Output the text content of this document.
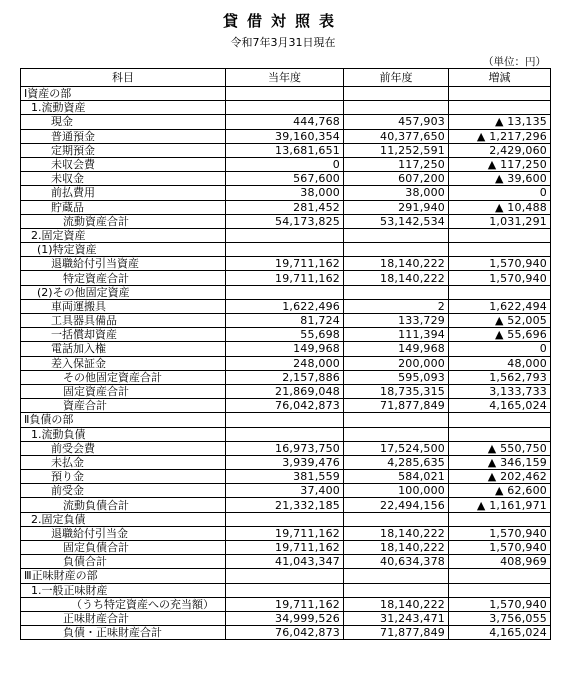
貸借対照表
令和7年3月31日現在
（単位：円）
科目	当年度	前年度	増減
Ⅰ資産の部			
1.流動資産			
現金	444,768	457,903	▲ 13,135
普通預金	39,160,354	40,377,650	▲ 1,217,296
定期預金	13,681,651	11,252,591	2,429,060
未収会費	0	117,250	▲ 117,250
未収金	567,600	607,200	▲ 39,600
前払費用	38,000	38,000	0
貯蔵品	281,452	291,940	▲ 10,488
流動資産合計	54,173,825	53,142,534	1,031,291
2.固定資産			
(1)特定資産			
退職給付引当資産	19,711,162	18,140,222	1,570,940
特定資産合計	19,711,162	18,140,222	1,570,940
(2)その他固定資産			
車両運搬具	1,622,496	2	1,622,494
工具器具備品	81,724	133,729	▲ 52,005
一括償却資産	55,698	111,394	▲ 55,696
電話加入権	149,968	149,968	0
差入保証金	248,000	200,000	48,000
その他固定資産合計	2,157,886	595,093	1,562,793
固定資産合計	21,869,048	18,735,315	3,133,733
資産合計	76,042,873	71,877,849	4,165,024
Ⅱ負債の部			
1.流動負債			
前受会費	16,973,750	17,524,500	▲ 550,750
未払金	3,939,476	4,285,635	▲ 346,159
預り金	381,559	584,021	▲ 202,462
前受金	37,400	100,000	▲ 62,600
流動負債合計	21,332,185	22,494,156	▲ 1,161,971
2.固定負債			
退職給付引当金	19,711,162	18,140,222	1,570,940
固定負債合計	19,711,162	18,140,222	1,570,940
負債合計	41,043,347	40,634,378	408,969
Ⅲ正味財産の部			
1.一般正味財産			
（うち特定資産への充当額）	19,711,162	18,140,222	1,570,940
正味財産合計	34,999,526	31,243,471	3,756,055
負債・正味財産合計	76,042,873	71,877,849	4,165,024
